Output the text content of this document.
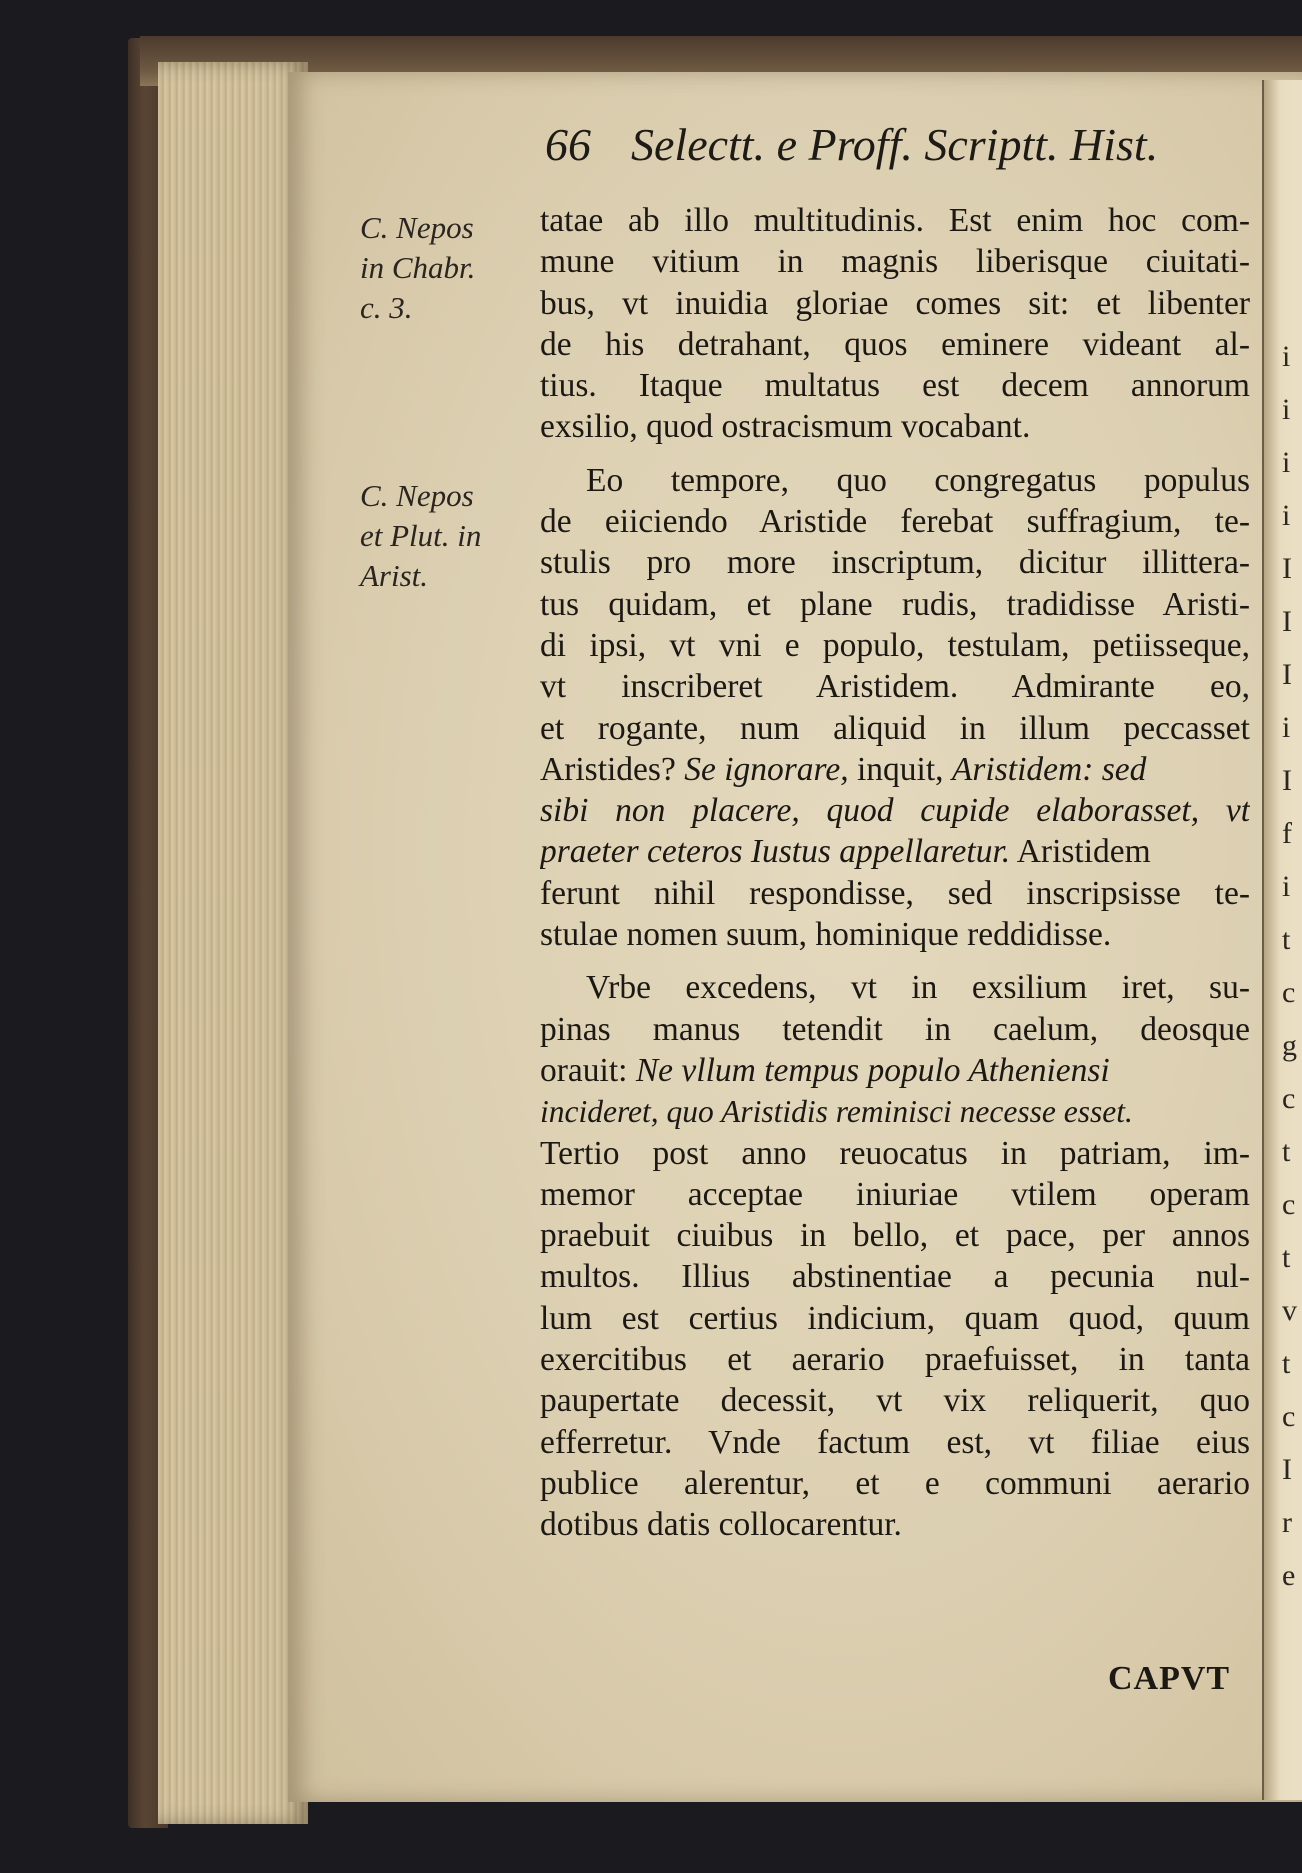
66 Selectt. e Proff. Scriptt. Hist.
C. Nepos
in Chabr.
c. 3.
C. Nepos
et Plut. in
Arist.
tatae ab illo multitudinis. Est enim hoc com-
mune vitium in magnis liberisque ciuitati-
bus, vt inuidia gloriae comes sit: et libenter
de his detrahant, quos eminere videant al-
tius. Itaque multatus est decem annorum
exsilio, quod ostracismum vocabant.
Eo tempore, quo congregatus populus
de eiiciendo Aristide ferebat suffragium, te-
stulis pro more inscriptum, dicitur illittera-
tus quidam, et plane rudis, tradidisse Aristi-
di ipsi, vt vni e populo, testulam, petiisseque,
vt inscriberet Aristidem. Admirante eo,
et rogante, num aliquid in illum peccasset
Aristides? Se ignorare, inquit, Aristidem: sed
sibi non placere, quod cupide elaborasset, vt
praeter ceteros Iustus appellaretur. Aristidem
ferunt nihil respondisse, sed inscripsisse te-
stulae nomen suum, hominique reddidisse.
Vrbe excedens, vt in exsilium iret, su-
pinas manus tetendit in caelum, deosque
orauit: Ne vllum tempus populo Atheniensi
incideret, quo Aristidis reminisci necesse esset.
Tertio post anno reuocatus in patriam, im-
memor acceptae iniuriae vtilem operam
praebuit ciuibus in bello, et pace, per annos
multos. Illius abstinentiae a pecunia nul-
lum est certius indicium, quam quod, quum
exercitibus et aerario praefuisset, in tanta
paupertate decessit, vt vix reliquerit, quo
efferretur. Vnde factum est, vt filiae eius
publice alerentur, et e communi aerario
dotibus datis collocarentur.
CAPVT
i
i
i
i
I
I
I
i
I
f
i
t
c
g
c
t
c
t
v
t
c
I
r
e
